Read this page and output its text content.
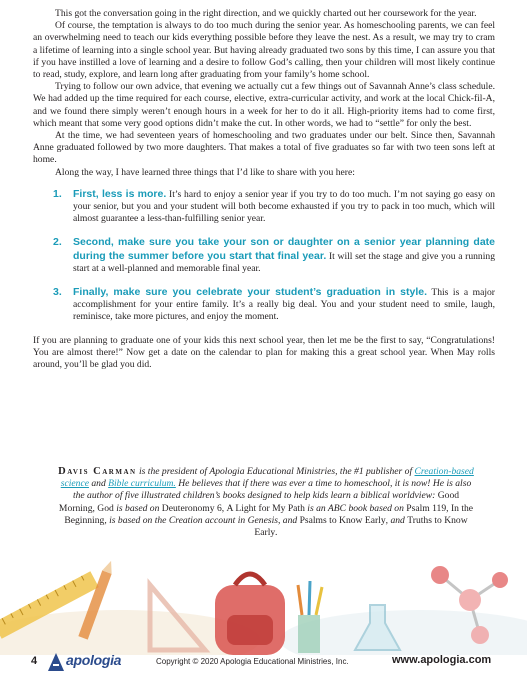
This got the conversation going in the right direction, and we quickly charted out her coursework for the year.

Of course, the temptation is always to do too much during the senior year. As homeschooling parents, we can feel an overwhelming need to teach our kids everything possible before they leave the nest. As a result, we may try to cram a lifetime of learning into a single school year. But having already graduated two sons by this time, I can assure you that if you have instilled a love of learning and a desire to follow God’s calling, then your children will most likely continue to read, study, explore, and learn long after graduating from your family’s home school.

Trying to follow our own advice, that evening we actually cut a few things out of Savannah Anne’s class schedule. We had added up the time required for each course, elective, extra-curricular activity, and work at the local Chick-fil-A, and we found there simply weren’t enough hours in a week for her to do it all. High-priority items had to come first, which meant that some very good options didn’t make the cut. In other words, we had to “settle” for only the best.

At the time, we had seventeen years of homeschooling and two graduates under our belt. Since then, Savannah Anne graduated followed by two more daughters. That makes a total of five graduates so far with two teen sons left at home.

Along the way, I have learned three things that I’d like to share with you here:

1. First, less is more. It’s hard to enjoy a senior year if you try to do too much. I’m not saying go easy on your senior, but you and your student will both become exhausted if you try to pack in too much, which will almost guarantee a less-than-fulfilling senior year.
2. Second, make sure you take your son or daughter on a senior year planning date during the summer before you start that final year. It will set the stage and give you a running start at a well-planned and memorable final year.
3. Finally, make sure you celebrate your student’s graduation in style. This is a major accomplishment for your entire family. It’s a really big deal. You and your student need to smile, laugh, reminisce, take more pictures, and enjoy the moment.

If you are planning to graduate one of your kids this next school year, then let me be the first to say, “Congratulations! You are almost there!” Now get a date on the calendar to plan for making this a great school year. When May rolls around, you’ll be glad you did.

Davis Carman is the president of Apologia Educational Ministries, the #1 publisher of Creation-based science and Bible curriculum. He believes that if there was ever a time to homeschool, it is now! He is also the author of five illustrated children’s books designed to help kids learn a biblical worldview: Good Morning, God is based on Deuteronomy 6, A Light for My Path is an ABC book based on Psalm 119, In the Beginning, is based on the Creation account in Genesis, and Psalms to Know Early, and Truths to Know Early.
4 apologia	Copyright © 2020 Apologia Educational Ministries, Inc.	www.apologia.com
